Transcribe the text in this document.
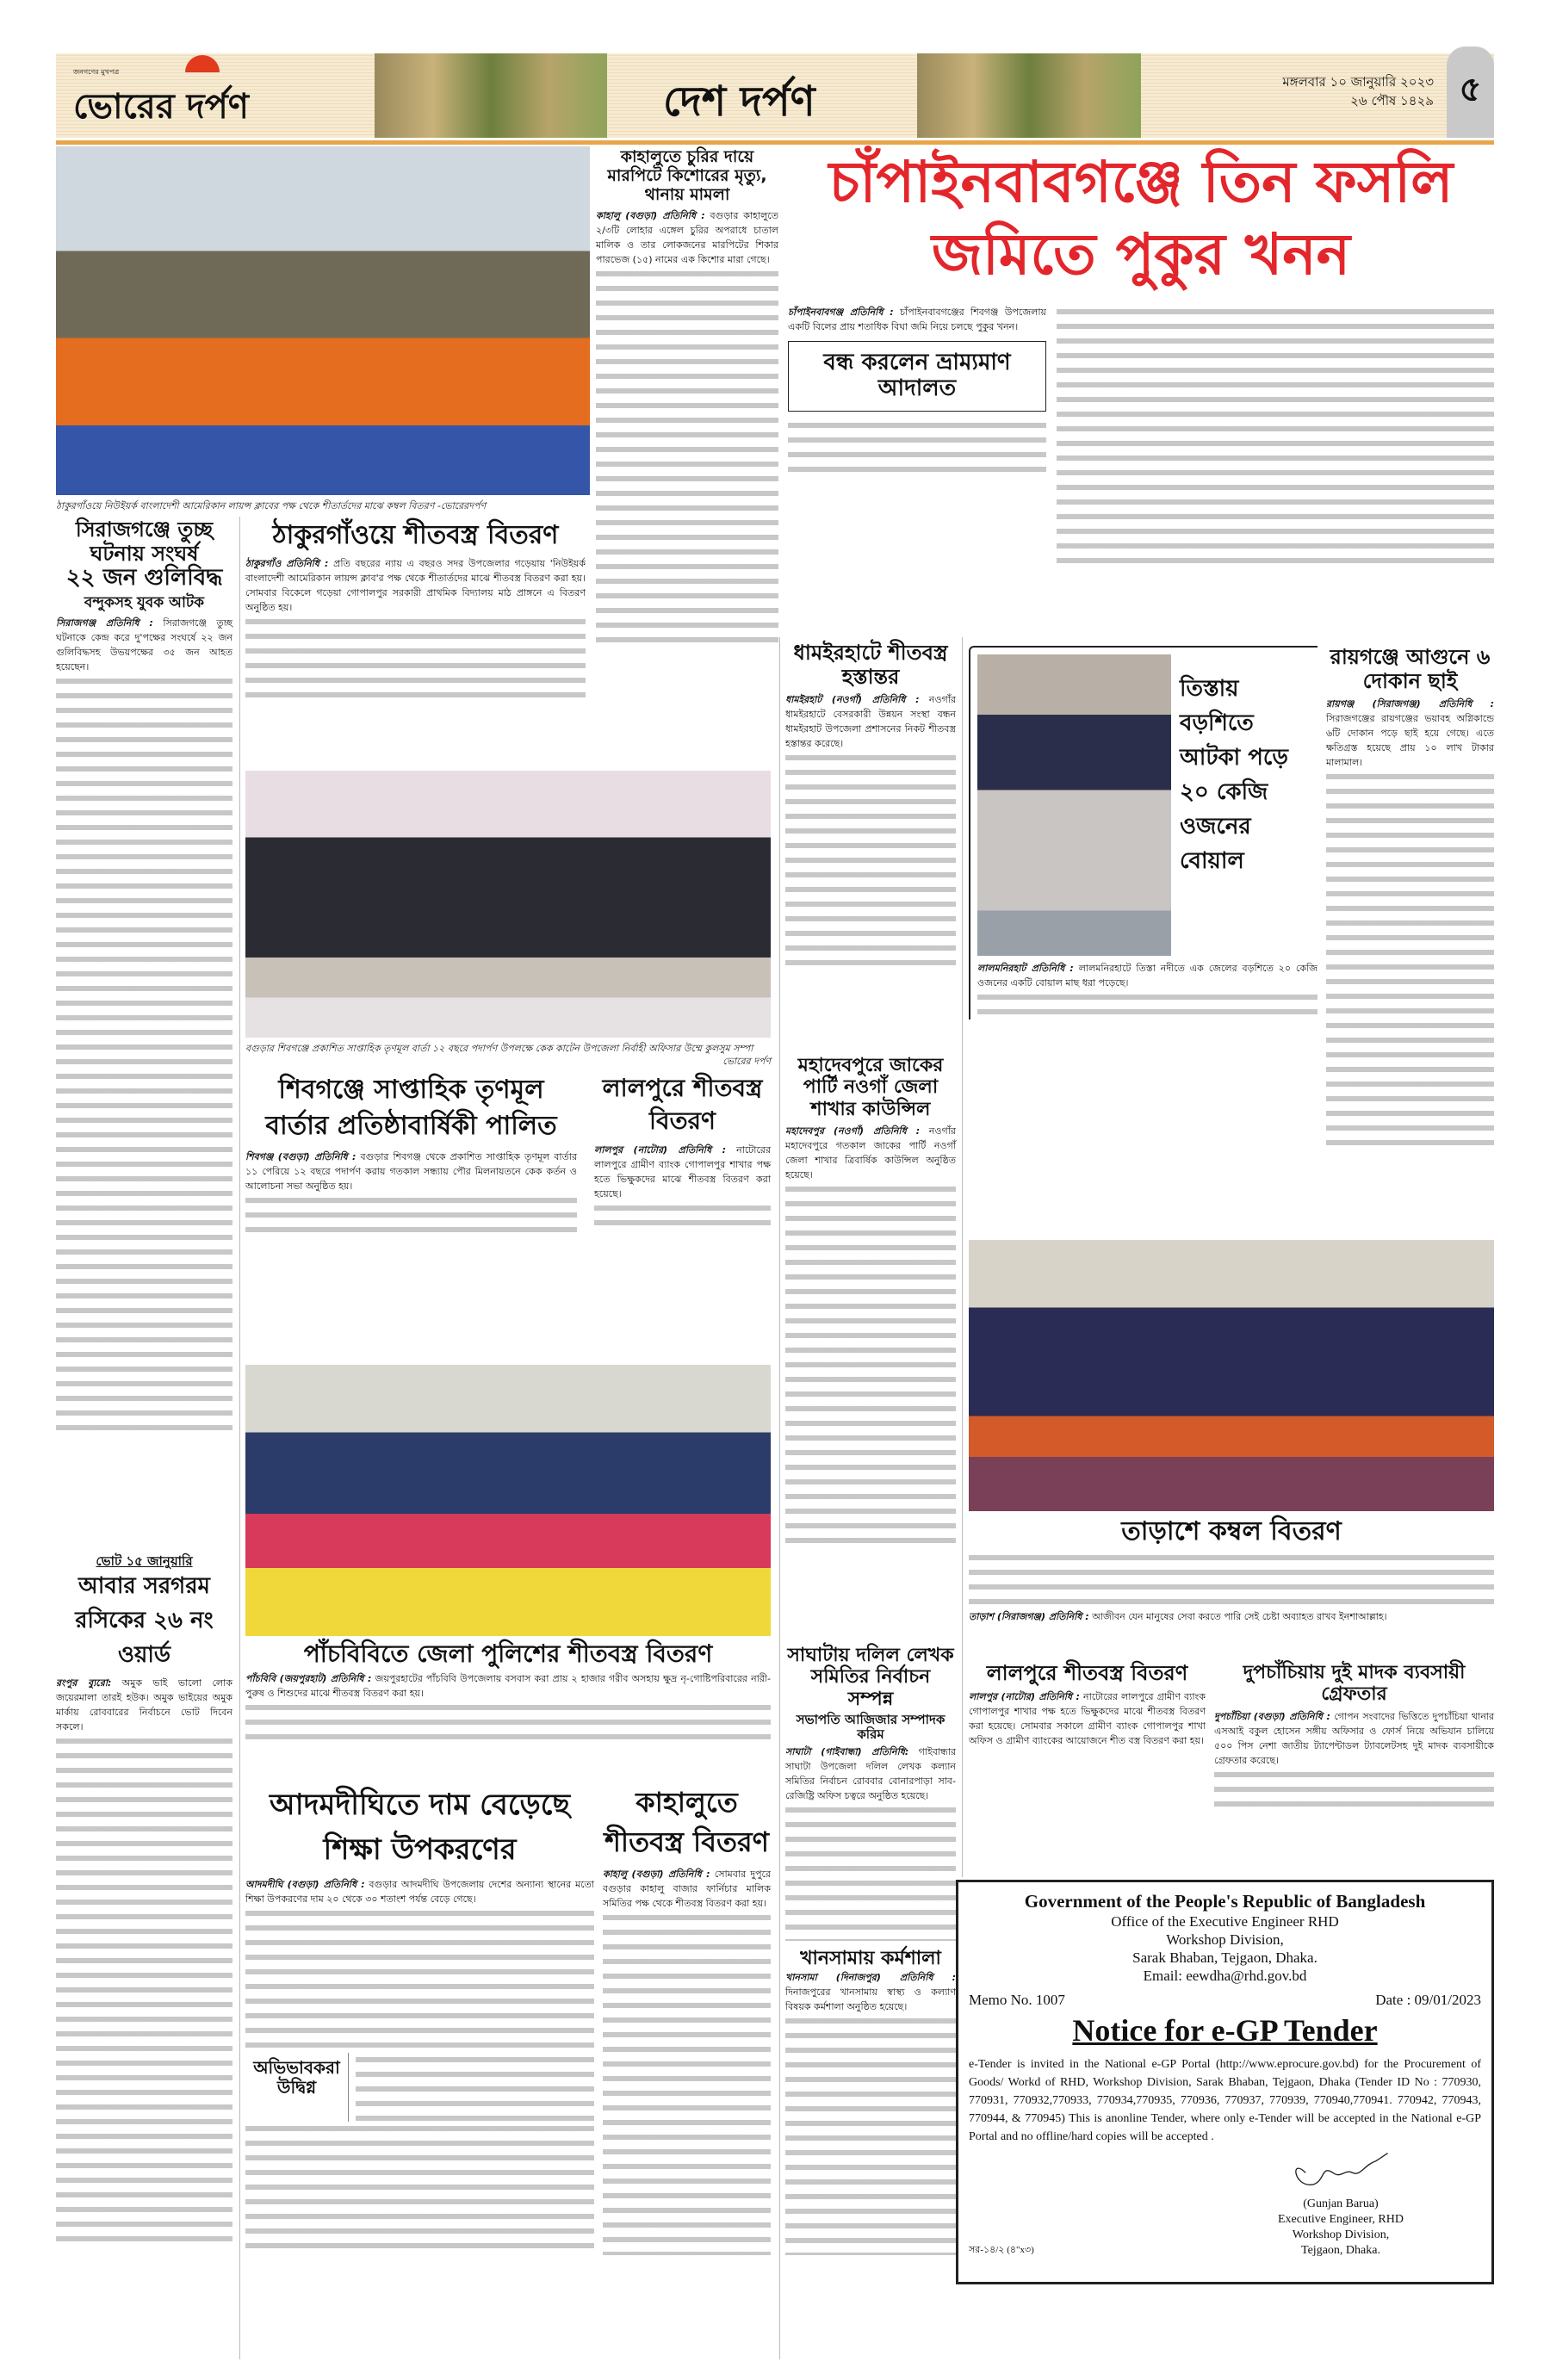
জনগণের মুখপত্র
ভোরের দর্পণ	দেশ দর্পণ	মঙ্গলবার ১০ জানুয়ারি ২০২৩
২৬ পৌষ ১৪২৯ ৫
ঠাকুরগাঁওয়ে নিউইয়র্ক বাংলাদেশী আমেরিকান লায়ন্স ক্লাবের পক্ষ থেকে শীতার্তদের মাঝে কম্বল বিতরণ -ভোরেরদর্পণ
সিরাজগঞ্জে তুচ্ছ ঘটনায় সংঘর্ষ
২২ জন গুলিবিদ্ধ
বন্দুকসহ যুবক আটক

সিরাজগঞ্জ প্রতিনিধি : সিরাজগঞ্জে তুচ্ছ ঘটনাকে কেন্দ্র করে দু'পক্ষের সংঘর্ষে ২২ জন গুলিবিদ্ধসহ উভয়পক্ষের ৩৫ জন আহত হয়েছেন।

ঠাকুরগাঁওয়ে শীতবস্ত্র বিতরণ

ঠাকুরগাঁও প্রতিনিধি : প্রতি বছরের ন্যায় এ বছরও সদর উপজেলার গড়েয়ায় 'নিউইয়র্ক বাংলাদেশী আমেরিকান লায়ন্স ক্লাব'র পক্ষ থেকে শীতার্তদের মাঝে শীতবস্ত্র বিতরণ করা হয়। সোমবার বিকেলে গড়েয়া গোপালপুর সরকারী প্রাথমিক বিদ্যালয় মাঠ প্রাঙ্গনে এ বিতরণ অনুষ্ঠিত হয়।

কাহালুতে চুরির দায়ে মারপিটে কিশোরের মৃত্যু, থানায় মামলা

কাহালু (বগুড়া) প্রতিনিধি : বগুড়ার কাহালুতে ২/৩টি লোহার এঙ্গেল চুরির অপরাধে চাতাল মালিক ও তার লোকজনের মারপিটের শিকার পারভেজ (১৫) নামের এক কিশোর মারা গেছে।

চাঁপাইনবাবগঞ্জে তিন ফসলি
জমিতে পুকুর খনন

চাঁপাইনবাবগঞ্জ প্রতিনিধি : চাঁপাইনবাবগঞ্জের শিবগঞ্জ উপজেলায় একটি বিলের প্রায় শতাধিক বিঘা জমি নিয়ে চলছে পুকুর খনন।

বন্ধ করলেন ভ্রাম্যমাণ আদালত
বগুড়ার শিবগঞ্জে প্রকাশিত সাপ্তাহিক তৃণমূল বার্তা ১২ বছরে পদার্পণ উপলক্ষে কেক কাটেন উপজেলা নির্বাহী অফিসার উম্মে কুলসুম সম্পা
ভোরের দর্পণ
ধামইরহাটে শীতবস্ত্র হস্তান্তর

ধামইরহাট (নওগাঁ) প্রতিনিধি : নওগাঁর ধামইরহাটে বেসরকারী উন্নয়ন সংস্থা বন্ধন ধামইরহাট উপজেলা প্রশাসনের নিকট শীতবস্ত্র হস্তান্তর করেছে।

তিস্তায় বড়শিতে আটকা পড়ে ২০ কেজি ওজনের বোয়াল

লালমনিরহাট প্রতিনিধি : লালমনিরহাটে তিস্তা নদীতে এক জেলের বড়শিতে ২০ কেজি ওজনের একটি বোয়াল মাছ ধরা পড়েছে।

রায়গঞ্জে আগুনে ৬ দোকান ছাই

রায়গঞ্জ (সিরাজগঞ্জ) প্রতিনিধি : সিরাজগঞ্জের রায়গঞ্জের ভয়াবহ অগ্নিকান্ডে ৬টি দোকান পড়ে ছাই হয়ে গেছে। এতে ক্ষতিগ্রস্ত হয়েছে প্রায় ১০ লাখ টাকার মালামাল।

শিবগঞ্জে সাপ্তাহিক তৃণমূল বার্তার প্রতিষ্ঠাবার্ষিকী পালিত

শিবগঞ্জ (বগুড়া) প্রতিনিধি : বগুড়ার শিবগঞ্জ থেকে প্রকাশিত সাপ্তাহিক তৃণমূল বার্তার ১১ পেরিয়ে ১২ বছরে পদার্পণ করায় গতকাল সন্ধ্যায় পৌর মিলনায়তনে কেক কর্তন ও আলোচনা সভা অনুষ্ঠিত হয়।

লালপুরে শীতবস্ত্র বিতরণ

লালপুর (নাটোর) প্রতিনিধি : নাটোরের লালপুরে গ্রামীণ ব্যাংক গোপালপুর শাখার পক্ষ হতে ভিক্ষুকদের মাঝে শীতবস্ত্র বিতরণ করা হয়েছে।

মহাদেবপুরে জাকের পার্টি নওগাঁ জেলা শাখার কাউন্সিল

মহাদেবপুর (নওগাঁ) প্রতিনিধি : নওগাঁর মহাদেবপুরে গতকাল জাকের পার্টি নওগাঁ জেলা শাখার ত্রিবার্ষিক কাউন্সিল অনুষ্ঠিত হয়েছে।

তাড়াশে কম্বল বিতরণ

তাড়াশ (সিরাজগঞ্জ) প্রতিনিধি : আজীবন যেন মানুষের সেবা করতে পারি সেই চেষ্টা অব্যাহত রাখব ইনশাআল্লাহ।

ভোট ১৫ জানুয়ারি
আবার সরগরম রসিকের ২৬ নং ওয়ার্ড

রংপুর ব্যুরো: অমুক ভাই ভালো লোক জয়েরমালা তারই হউক। অমুক ভাইয়ের অমুক মার্কায় রোববারের নির্বাচনে ভোট দিবেন সকলে।

পাঁচবিবিতে জেলা পুলিশের শীতবস্ত্র বিতরণ

পাঁচবিবি (জয়পুরহাট) প্রতিনিধি : জয়পুরহাটের পাঁচবিবি উপজেলায় বসবাস করা প্রায় ২ হাজার গরীব অসহায় ক্ষুদ্র নৃ-গোষ্টিপরিবারের নারী-পুরুষ ও শিশুদের মাঝে শীতবস্ত্র বিতরণ করা হয়।

সাঘাটায় দলিল লেখক সমিতির নির্বাচন সম্পন্ন
সভাপতি আজিজার সম্পাদক করিম

সাঘাটা (গাইবান্ধা) প্রতিনিধি: গাইবান্ধার সাঘাটা উপজেলা দলিল লেখক কল্যান সমিতির নির্বাচন রোববার বোনারপাড়া সাব-রেজিষ্ট্রি অফিস চত্বরে অনুষ্ঠিত হয়েছে।

খানসামায় কর্মশালা

খানসামা (দিনাজপুর) প্রতিনিধি : দিনাজপুরের খানসামায় স্বাস্থ্য ও কল্যাণ বিষয়ক কর্মশালা অনুষ্ঠিত হয়েছে।

আদমদীঘিতে দাম বেড়েছে শিক্ষা উপকরণের

আদমদীঘি (বগুড়া) প্রতিনিধি : বগুড়ার আদমদীঘি উপজেলায় দেশের অন্যান্য স্থানের মতো শিক্ষা উপকরণের দাম ২০ থেকে ৩০ শতাংশ পর্যন্ত বেড়ে গেছে।

অভিভাবকরা উদ্বিগ্ন
কাহালুতে শীতবস্ত্র বিতরণ

কাহালু (বগুড়া) প্রতিনিধি : সোমবার দুপুরে বগুড়ার কাহালু বাজার ফার্নিচার মালিক সমিতির পক্ষ থেকে শীতবস্ত্র বিতরণ করা হয়।

লালপুরে শীতবস্ত্র বিতরণ

লালপুর (নাটোর) প্রতিনিধি : নাটোরের লালপুরে গ্রামীণ ব্যাংক গোপালপুর শাখার পক্ষ হতে ভিক্ষুকদের মাঝে শীতবস্ত্র বিতরণ করা হয়েছে। সোমবার সকালে গ্রামীণ ব্যাংক গোপালপুর শাখা অফিস ও গ্রামীণ ব্যাংকের আয়োজনে শীত বস্ত্র বিতরণ করা হয়।

দুপচাঁচিয়ায় দুই মাদক ব্যবসায়ী গ্রেফতার

দুপচাঁচিয়া (বগুড়া) প্রতিনিধি : গোপন সংবাদের ভিত্তিতে দুপচাঁচিয়া থানার এসআই বকুল হোসেন সঙ্গীয় অফিসার ও ফোর্স নিয়ে অভিযান চালিয়ে ৫০০ পিস নেশা জাতীয় ট্যাপেন্টাডল ট্যাবলেটসহ দুই মাদক ব্যবসায়ীকে গ্রেফতার করেছে।

Government of the People's Republic of Bangladesh
Office of the Executive Engineer RHD
Workshop Division,
Sarak Bhaban, Tejgaon, Dhaka.
Email: eewdha@rhd.gov.bd
Memo No. 1007	Date : 09/01/2023
Notice for e-GP Tender

e-Tender is invited in the National e-GP Portal (http://www.eprocure.gov.bd) for the Procurement of Goods/ Workd of RHD, Workshop Division, Sarak Bhaban, Tejgaon, Dhaka (Tender ID No : 770930, 770931, 770932,770933, 770934,770935, 770936, 770937, 770939, 770940,770941. 770942, 770943, 770944, & 770945) This is anonline Tender, where only e-Tender will be accepted in the National e-GP Portal and no offline/hard copies will be accepted .

সর-১৪/২ (৪"x৩)
(Gunjan Barua)
Executive Engineer, RHD
Workshop Division,
Tejgaon, Dhaka.
